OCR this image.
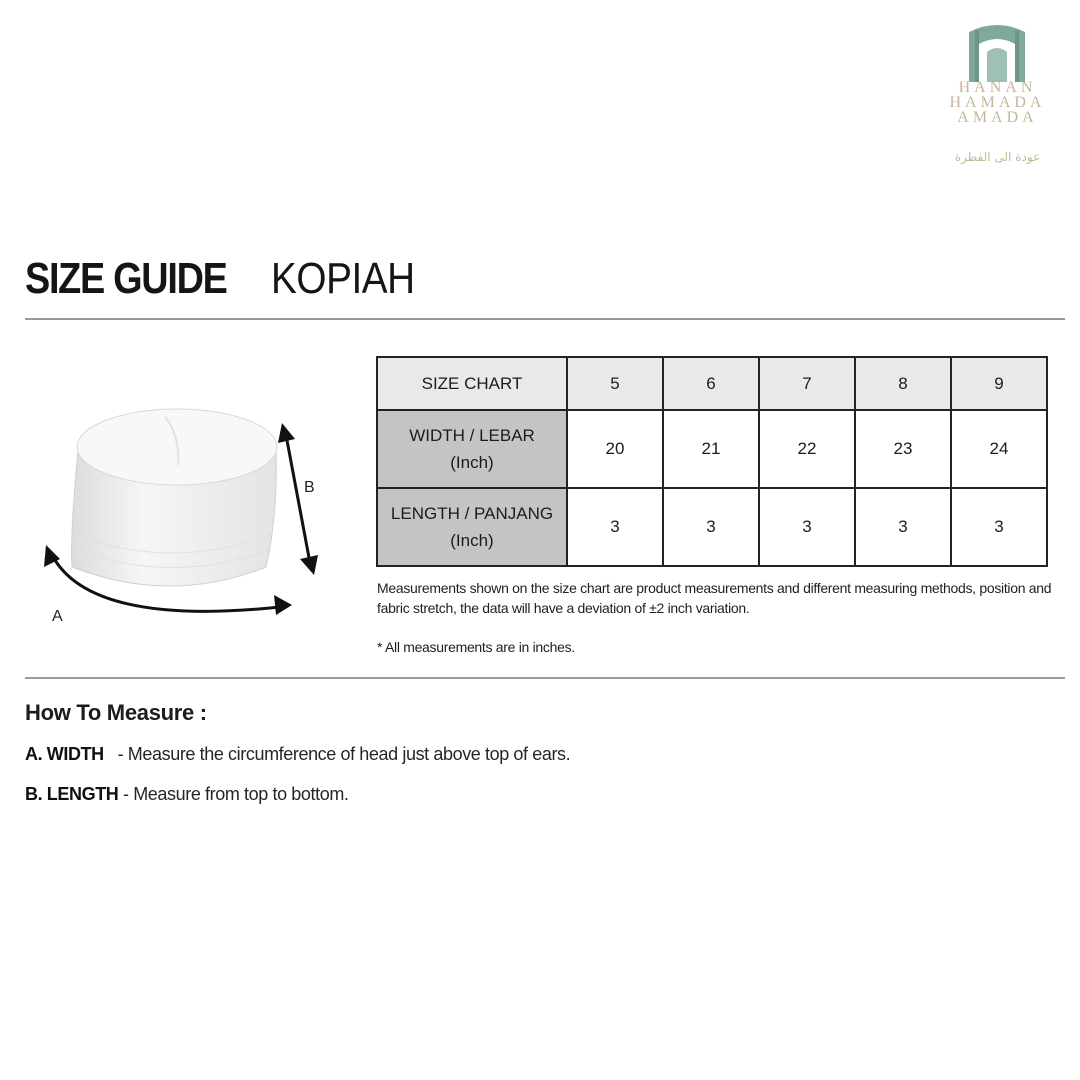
HANAN
HAMADA
AMADA
عودة الى الفطرة
SIZE GUIDE KOPIAH
B
A
SIZE CHART	5	6	7	8	9
WIDTH / LEBAR
(Inch)	20	21	22	23	24
LENGTH / PANJANG
(Inch)	3	3	3	3	3
Measurements shown on the size chart are product measurements and different measuring methods, position and fabric stretch, the data will have a deviation of ±2 inch variation.
* All measurements are in inches.
How To Measure :
A. WIDTH - Measure the circumference of head just above top of ears.
B. LENGTH - Measure from top to bottom.
